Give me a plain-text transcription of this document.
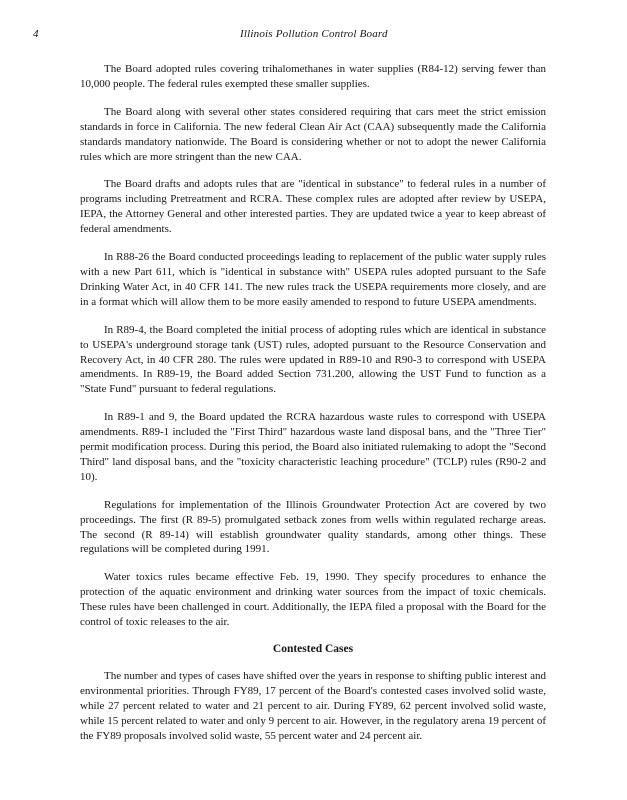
4	Illinois Pollution Control Board

The Board adopted rules covering trihalomethanes in water supplies (R84-12) serving fewer than 10,000 people. The federal rules exempted these smaller supplies.

The Board along with several other states considered requiring that cars meet the strict emission standards in force in California. The new federal Clean Air Act (CAA) subsequently made the California standards mandatory nationwide. The Board is considering whether or not to adopt the newer California rules which are more stringent than the new CAA.

The Board drafts and adopts rules that are "identical in substance" to federal rules in a number of programs including Pretreatment and RCRA. These complex rules are adopted after review by USEPA, IEPA, the Attorney General and other interested parties. They are updated twice a year to keep abreast of federal amendments.

In R88-26 the Board conducted proceedings leading to replacement of the public water supply rules with a new Part 611, which is "identical in substance with" USEPA rules adopted pursuant to the Safe Drinking Water Act, in 40 CFR 141. The new rules track the USEPA requirements more closely, and are in a format which will allow them to be more easily amended to respond to future USEPA amendments.

In R89-4, the Board completed the initial process of adopting rules which are identical in substance to USEPA's underground storage tank (UST) rules, adopted pursuant to the Resource Conservation and Recovery Act, in 40 CFR 280. The rules were updated in R89-10 and R90-3 to correspond with USEPA amendments. In R89-19, the Board added Section 731.200, allowing the UST Fund to function as a "State Fund" pursuant to federal regulations.

In R89-1 and 9, the Board updated the RCRA hazardous waste rules to correspond with USEPA amendments. R89-1 included the "First Third" hazardous waste land disposal bans, and the "Three Tier" permit modification process. During this period, the Board also initiated rulemaking to adopt the "Second Third" land disposal bans, and the "toxicity characteristic leaching procedure" (TCLP) rules (R90-2 and 10).

Regulations for implementation of the Illinois Groundwater Protection Act are covered by two proceedings. The first (R 89-5) promulgated setback zones from wells within regulated recharge areas. The second (R 89-14) will establish groundwater quality standards, among other things. These regulations will be completed during 1991.

Water toxics rules became effective Feb. 19, 1990. They specify procedures to enhance the protection of the aquatic environment and drinking water sources from the impact of toxic chemicals. These rules have been challenged in court. Additionally, the IEPA filed a proposal with the Board for the control of toxic releases to the air.

Contested Cases

The number and types of cases have shifted over the years in response to shifting public interest and environmental priorities. Through FY89, 17 percent of the Board's contested cases involved solid waste, while 27 percent related to water and 21 percent to air. During FY89, 62 percent involved solid waste, while 15 percent related to water and only 9 percent to air. However, in the regulatory arena 19 percent of the FY89 proposals involved solid waste, 55 percent water and 24 percent air.
